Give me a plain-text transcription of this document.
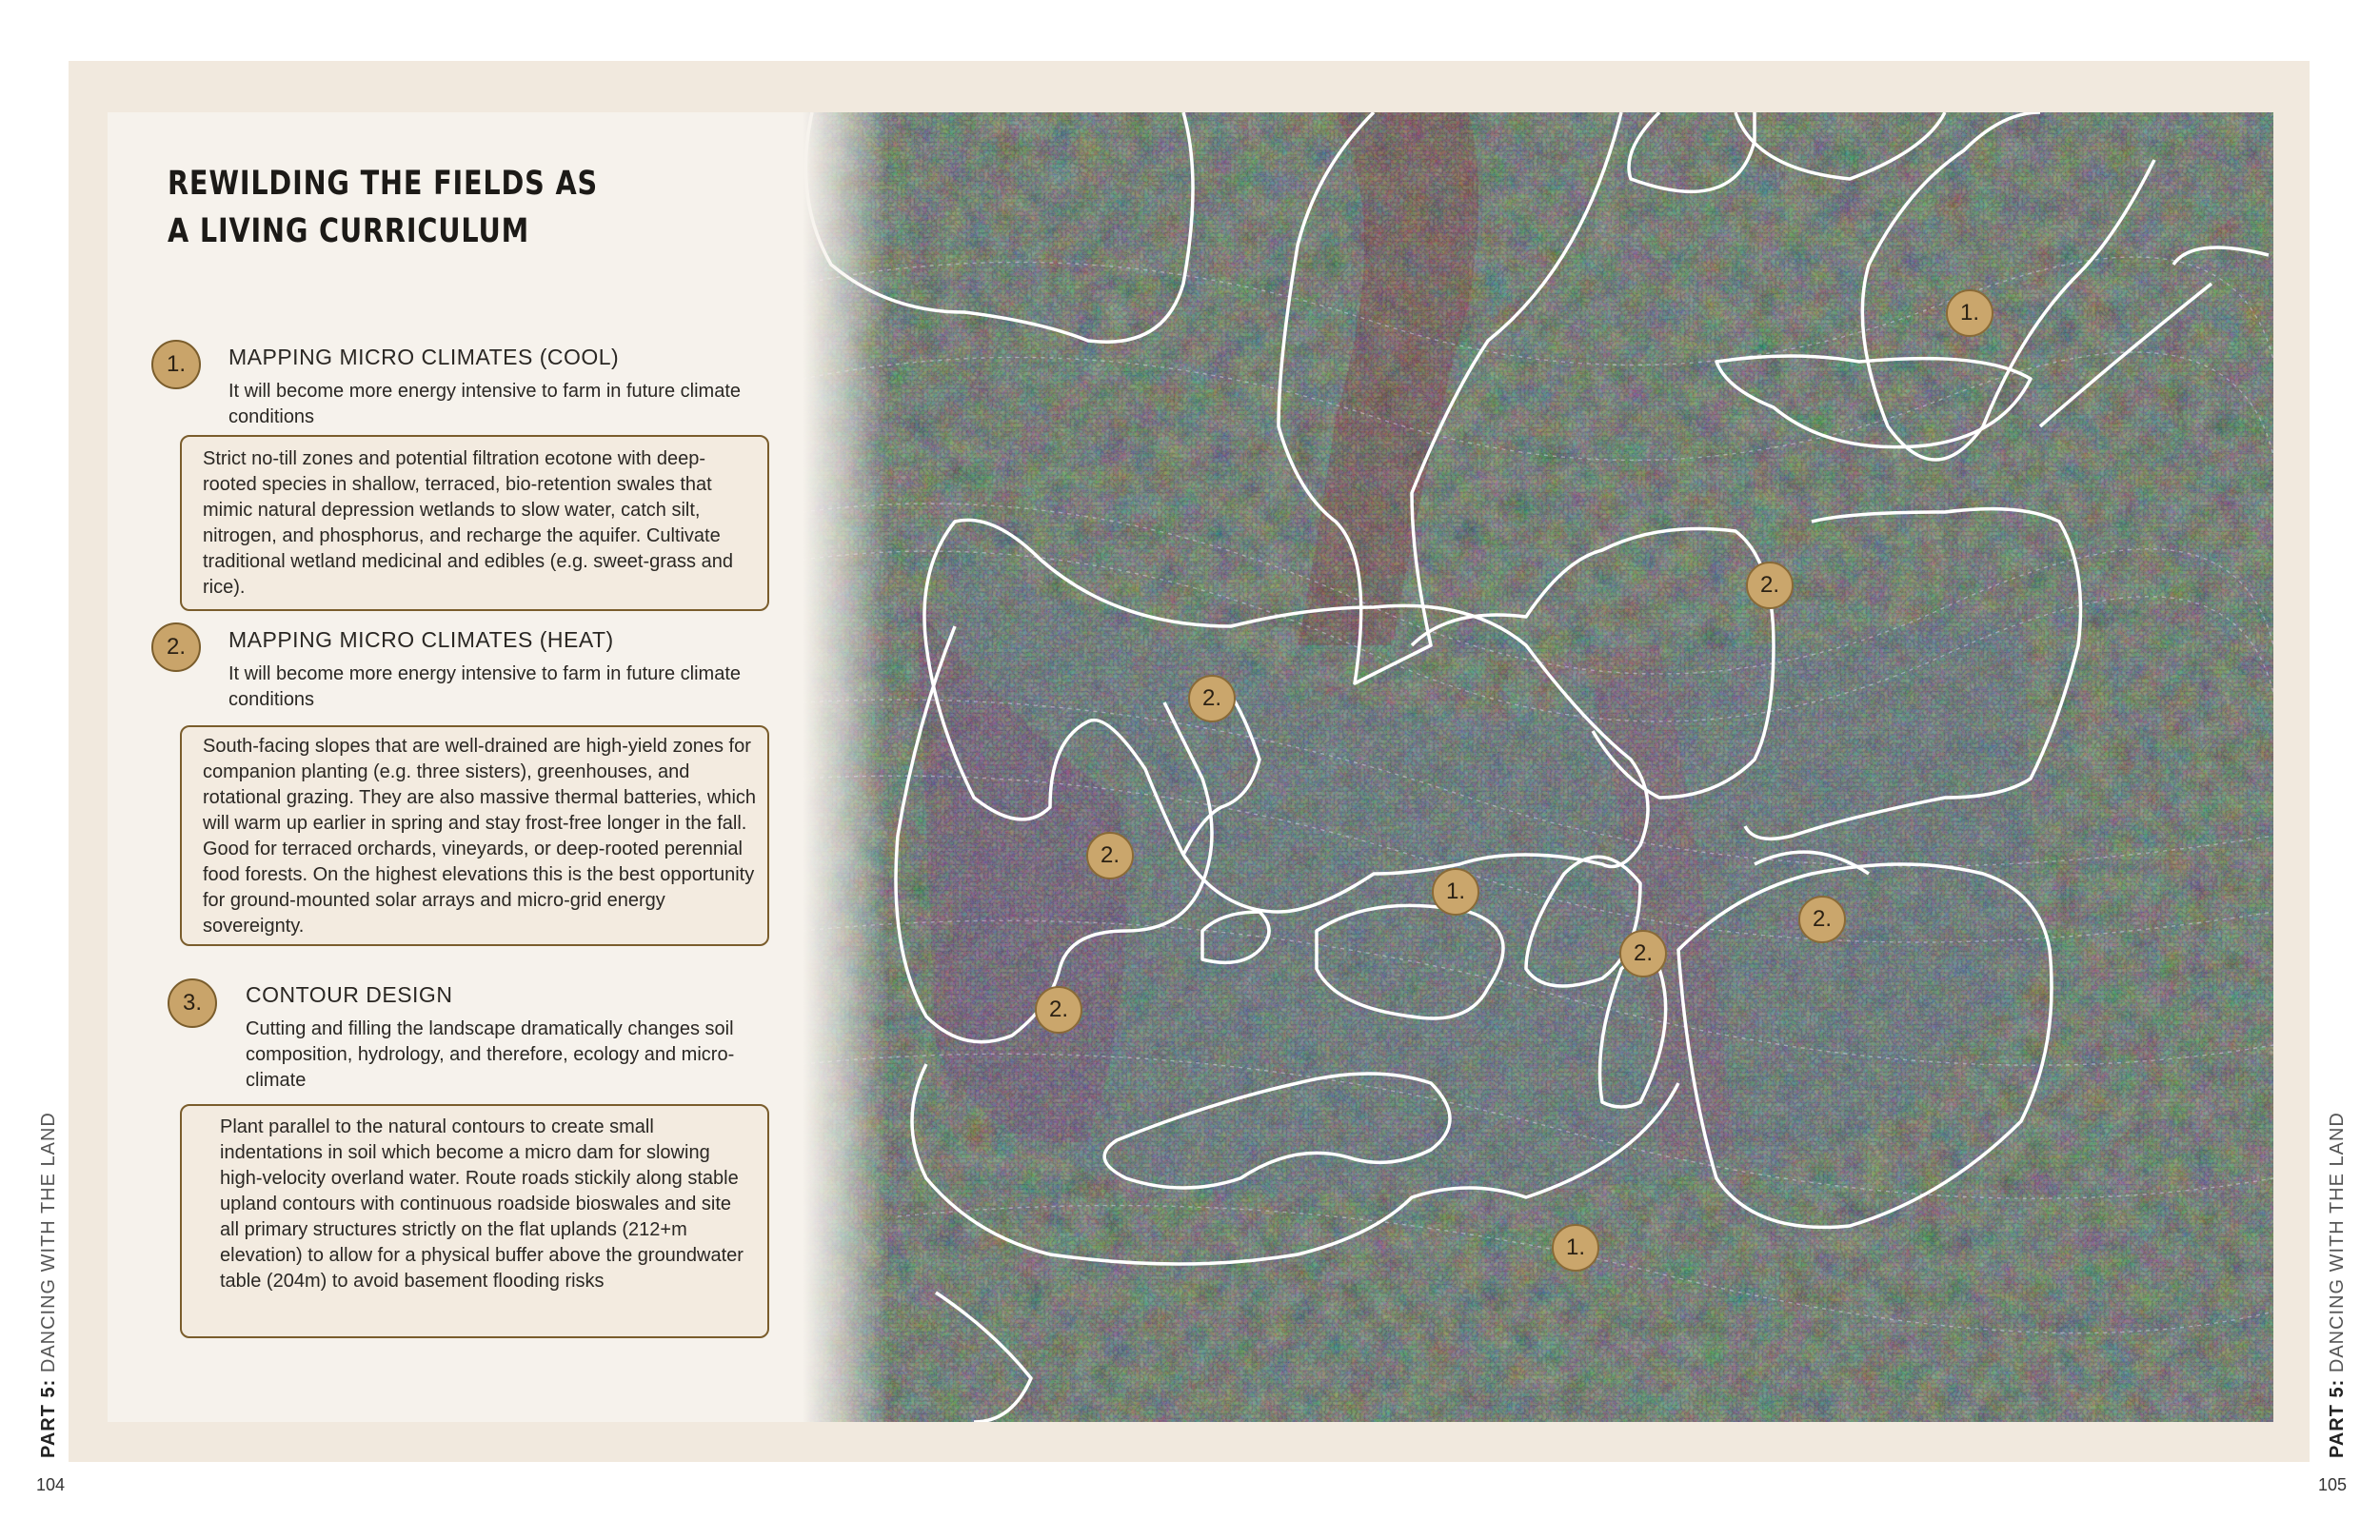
1.
2.
2.
2.
1.
2.
2.
2.
1.
REWILDING THE FIELDS AS A LIVING CURRICULUM
1.	MAPPING MICRO CLIMATES (COOL)
It will become more energy intensive to farm in future climate conditions
Strict no-till zones and potential filtration ecotone with deep-rooted species in shallow, terraced, bio-retention swales that mimic natural depression wetlands to slow water, catch silt, nitrogen, and phosphorus, and recharge the aquifer. Cultivate traditional wetland medicinal and edibles (e.g. sweet-grass and rice).
2.	MAPPING MICRO CLIMATES (HEAT)
It will become more energy intensive to farm in future climate conditions
South-facing slopes that are well-drained are high-yield zones for companion planting (e.g. three sisters), greenhouses, and rotational grazing. They are also massive thermal batteries, which will warm up earlier in spring and stay frost-free longer in the fall. Good for terraced orchards, vineyards, or deep-rooted perennial food forests. On the highest elevations this is the best opportunity for ground-mounted solar arrays and micro-grid energy sovereignty.
3.	CONTOUR DESIGN
Cutting and filling the landscape dramatically changes soil composition, hydrology, and therefore, ecology and micro-climate
Plant parallel to the natural contours to create small indentations in soil which become a micro dam for slowing high-velocity overland water. Route roads stickily along stable upland contours with continuous roadside bioswales and site all primary structures strictly on the flat uplands (212+m elevation) to allow for a physical buffer above the groundwater table (204m) to avoid basement flooding risks
PART 5: DANCING WITH THE LAND
PART 5: DANCING WITH THE LAND
104	105
